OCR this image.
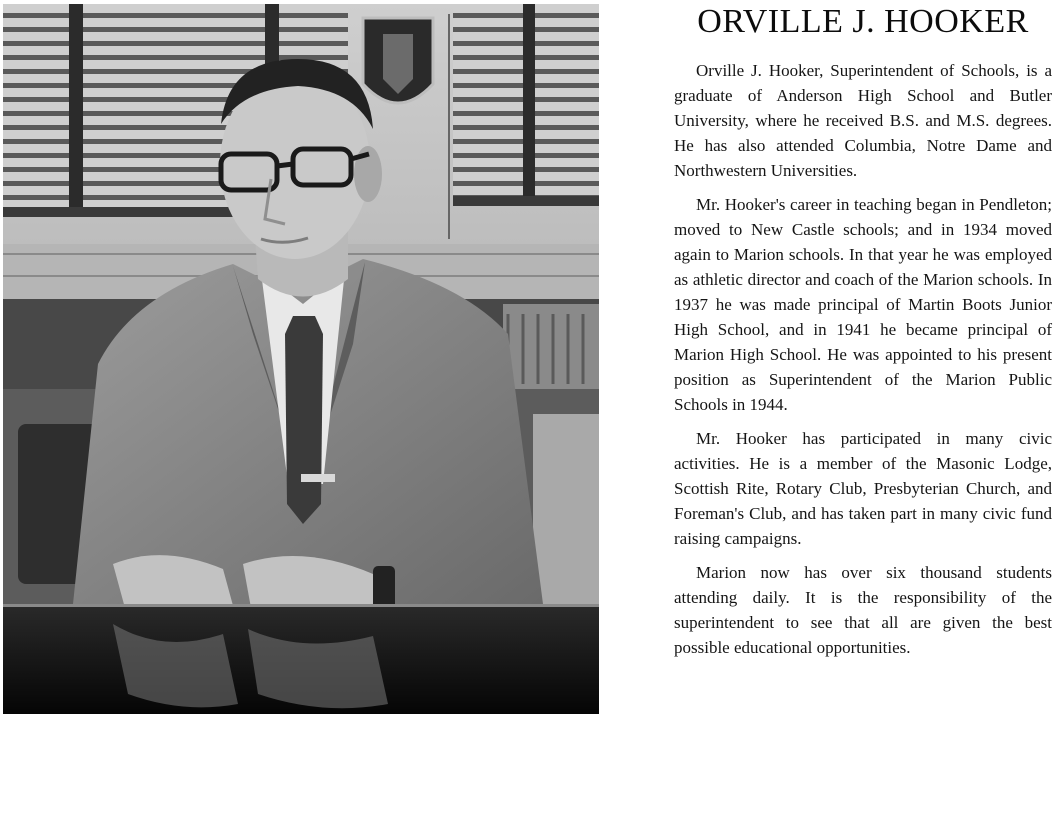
ORVILLE J. HOOKER

Orville J. Hooker, Superintendent of Schools, is a graduate of Anderson High School and Butler University, where he received B.S. and M.S. degrees. He has also attended Columbia, Notre Dame and Northwestern Universities.

Mr. Hooker's career in teaching began in Pendleton; moved to New Castle schools; and in 1934 moved again to Marion schools. In that year he was employed as athletic director and coach of the Marion schools. In 1937 he was made principal of Martin Boots Junior High School, and in 1941 he became principal of Marion High School. He was appointed to his present position as Superintendent of the Marion Public Schools in 1944.

Mr. Hooker has participated in many civic activities. He is a member of the Masonic Lodge, Scottish Rite, Rotary Club, Presbyterian Church, and Foreman's Club, and has taken part in many civic fund raising campaigns.

Marion now has over six thousand students attending daily. It is the responsibility of the superintendent to see that all are given the best possible educational opportunities.
